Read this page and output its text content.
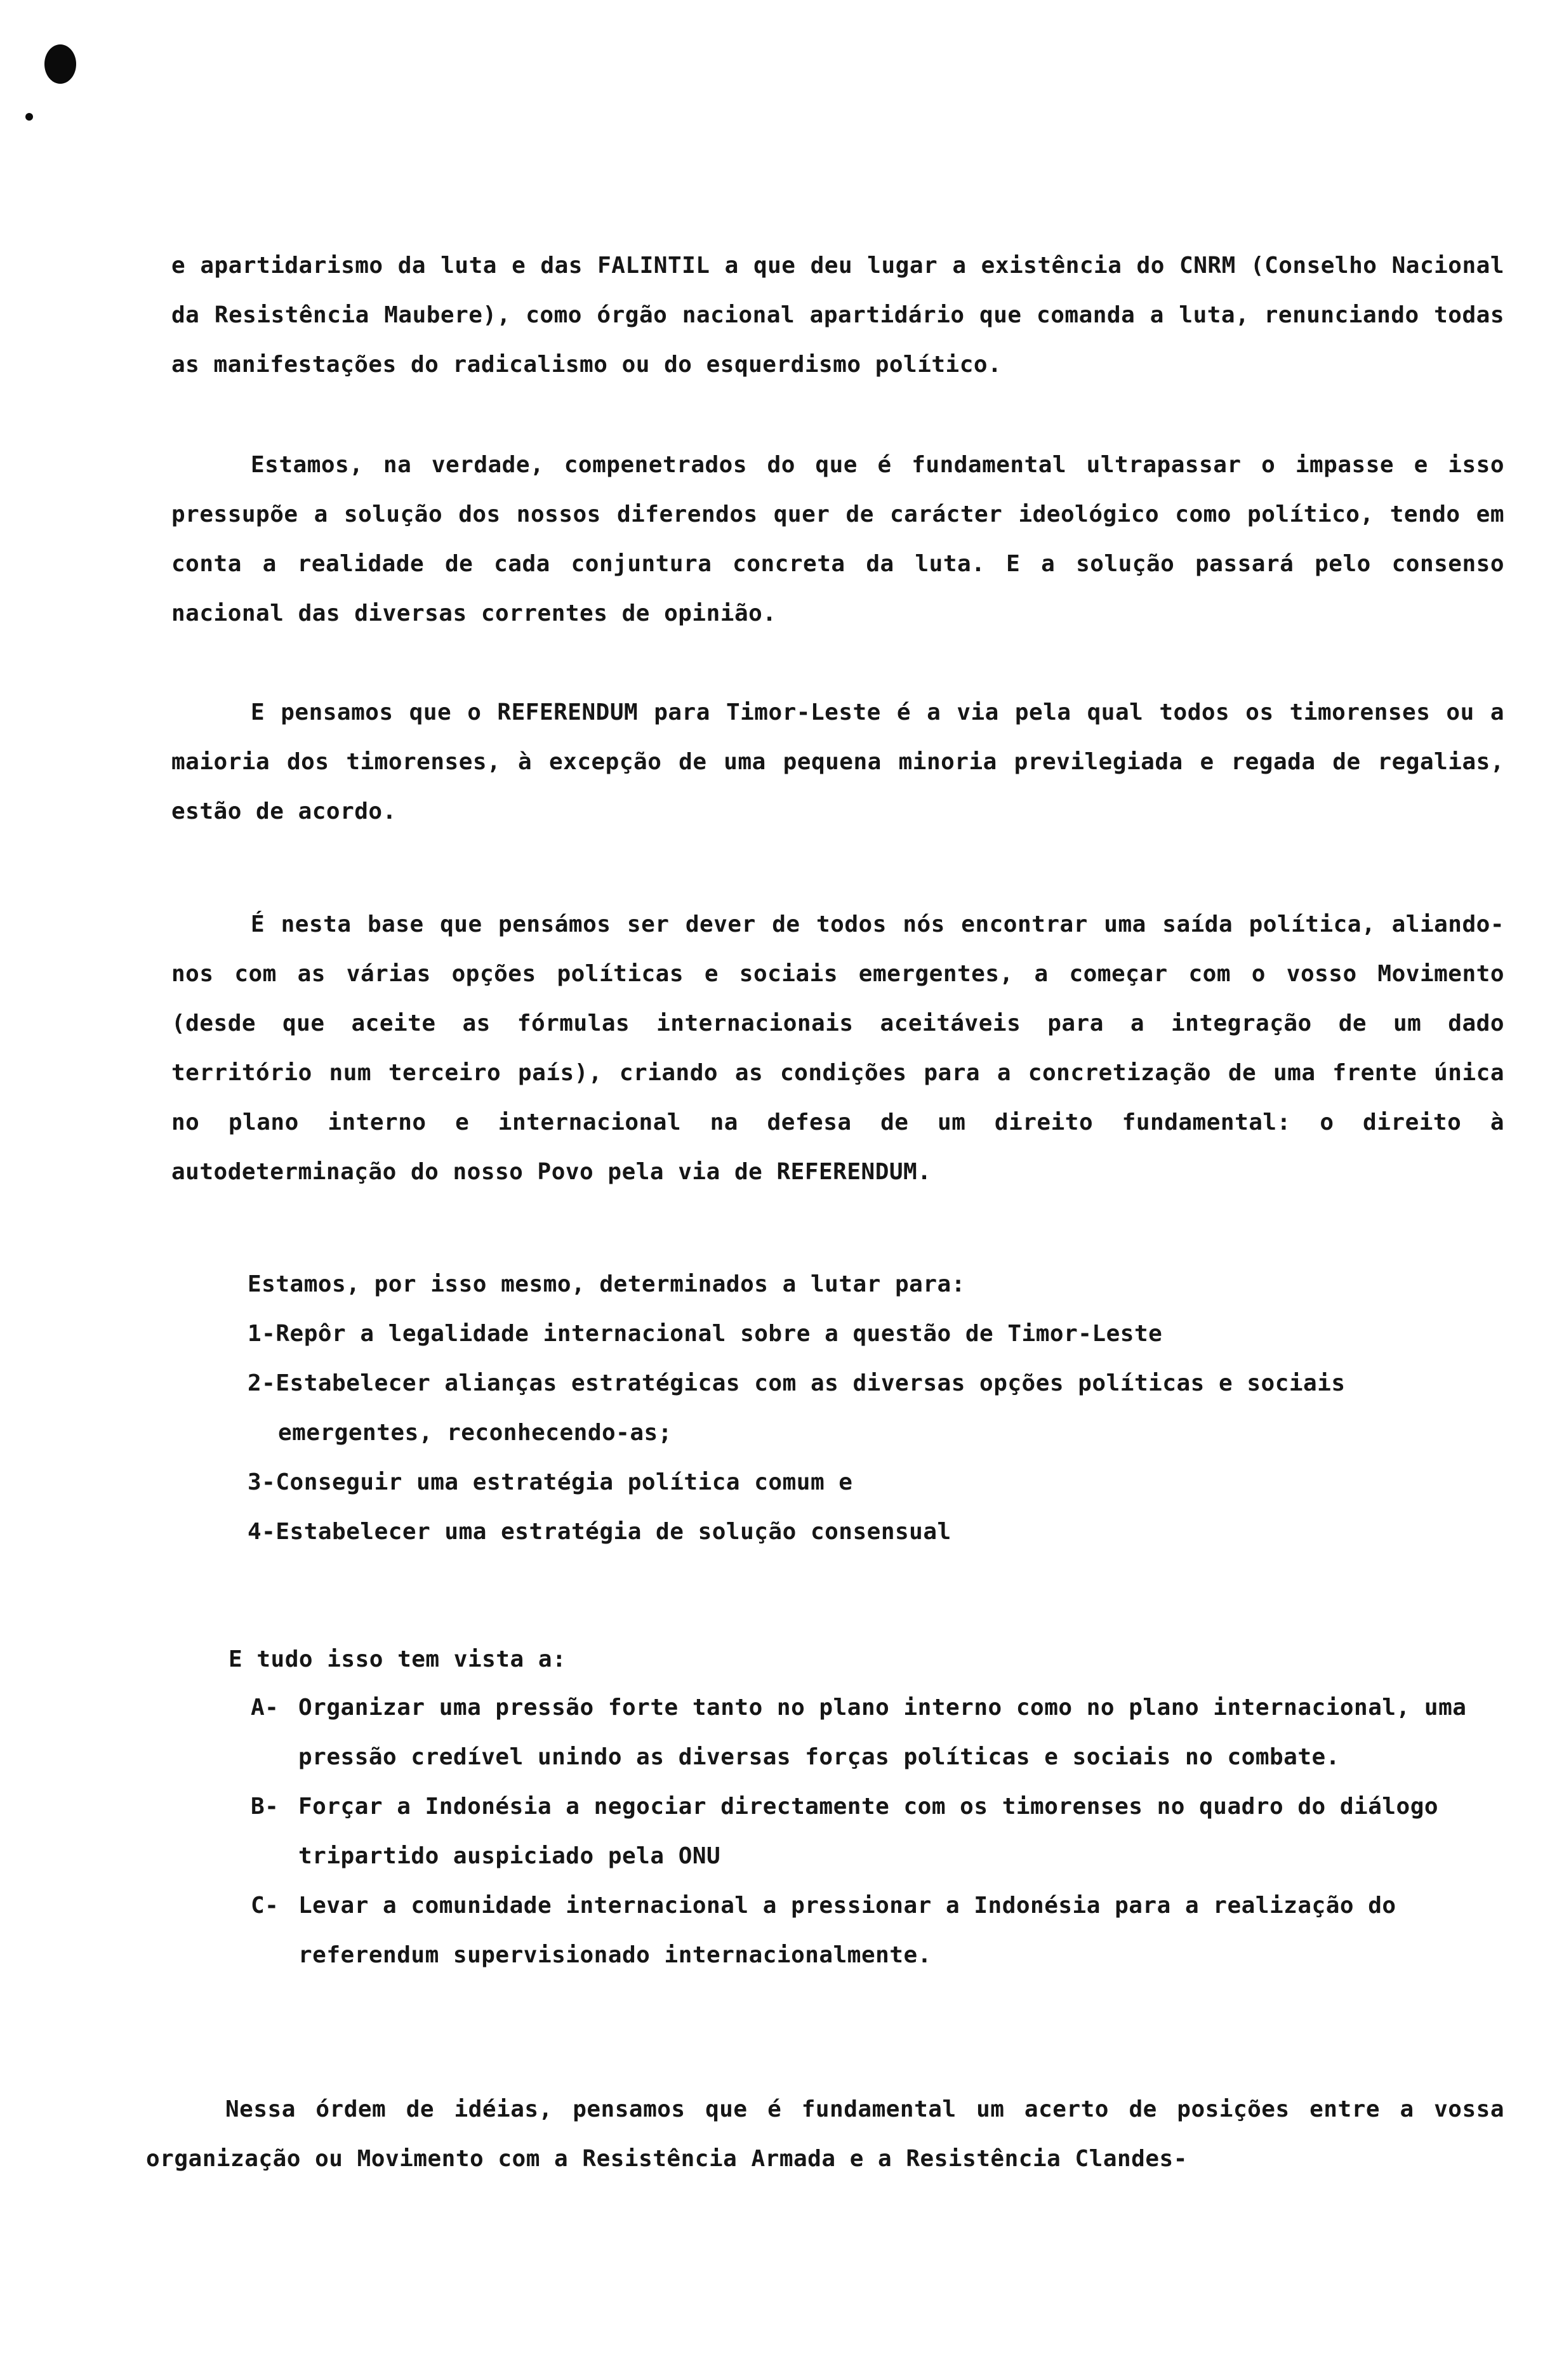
e apartidarismo da luta e das FALINTIL a que deu lugar a existência do CNRM (Conselho Nacional da Resistência Maubere), como órgão nacional apartidário que comanda a luta, renunciando todas as manifestações do radicalismo ou do esquerdismo político.

Estamos, na verdade, compenetrados do que é fundamental ultrapassar o impasse e isso pressupõe a solução dos nossos diferendos quer de carácter ideológico como político, tendo em conta a realidade de cada conjuntura concreta da luta. E a solução passará pelo consenso nacional das diversas correntes de opinião.

E pensamos que o REFERENDUM para Timor-Leste é a via pela qual todos os timorenses ou a maioria dos timorenses, à excepção de uma pequena minoria previlegiada e regada de regalias, estão de acordo.

É nesta base que pensámos ser dever de todos nós encontrar uma saída política, aliando-nos com as várias opções políticas e sociais emergentes, a começar com o vosso Movimento (desde que aceite as fórmulas internacionais aceitáveis para a integração de um dado território num terceiro país), criando as condições para a concretização de uma frente única no plano interno e internacional na defesa de um direito fundamental: o direito à autodeterminação do nosso Povo pela via de REFERENDUM.

Estamos, por isso mesmo, determinados a lutar para:

1-Repôr a legalidade internacional sobre a questão de Timor-Leste

2-Estabelecer alianças estratégicas com as diversas opções políticas e sociais
emergentes, reconhecendo-as;

3-Conseguir uma estratégia política comum e

4-Estabelecer uma estratégia de solução consensual

E tudo isso tem vista a:

A- Organizar uma pressão forte tanto no plano interno como no plano internacional, uma pressão credível unindo as diversas forças políticas e sociais no combate.
B- Forçar a Indonésia a negociar directamente com os timorenses no quadro do diálogo tripartido auspiciado pela ONU
C- Levar a comunidade internacional a pressionar a Indonésia para a realização do referendum supervisionado internacionalmente.

Nessa órdem de idéias, pensamos que é fundamental um acerto de posições entre a vossa organização ou Movimento com a Resistência Armada e a Resistência Clandes-
